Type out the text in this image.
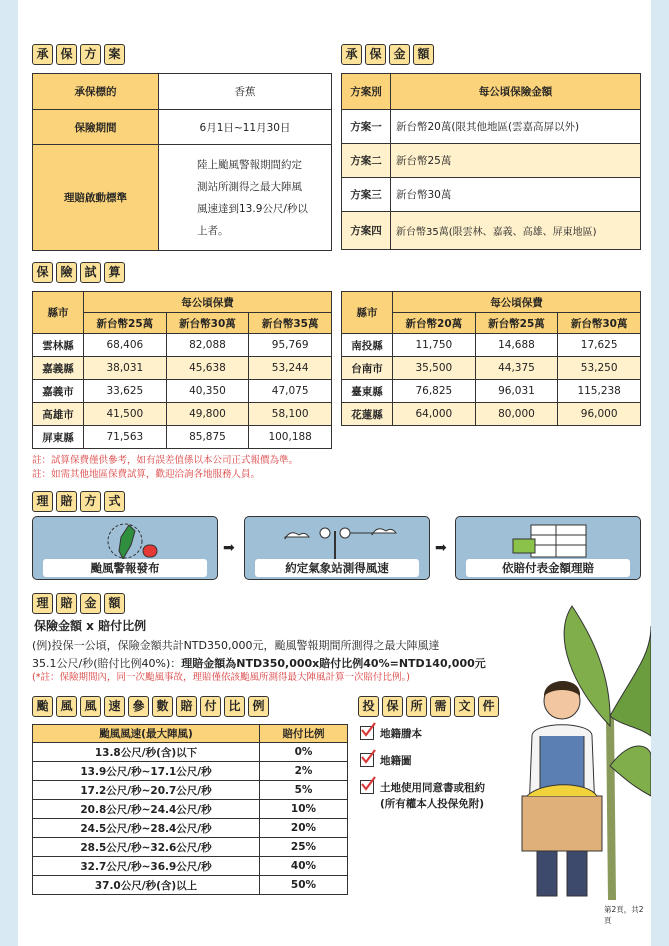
承 保 方 案	承 保 金 額
承保標的	香蕉
保險期間	6月1日~11月30日
理賠啟動標準	陸上颱風警報期間約定測站所測得之最大陣風風速達到13.9公尺/秒以上者。
方案別	每公頃保險金額
方案一	新台幣20萬(限其他地區(雲嘉高屏以外)
方案二	新台幣25萬
方案三	新台幣30萬
方案四	新台幣35萬(限雲林、嘉義、高雄、屏東地區)
保 險 試 算
縣市	每公頃保費		
	新台幣25萬	新台幣30萬	新台幣35萬
雲林縣	68,406	82,088	95,769
嘉義縣	38,031	45,638	53,244
嘉義市	33,625	40,350	47,075
高雄市	41,500	49,800	58,100
屏東縣	71,563	85,875	100,188
縣市	每公頃保費		
	新台幣20萬	新台幣25萬	新台幣30萬
南投縣	11,750	14,688	17,625
台南市	35,500	44,375	53,250
臺東縣	76,825	96,031	115,238
花蓮縣	64,000	80,000	96,000
註：試算保費僅供參考，如有誤差值係以本公司正式報價為準。
註：如需其他地區保費試算，歡迎洽詢各地服務人員。
理 賠 方 式
颱風警報發布
➡
約定氣象站測得風速
➡
依賠付表金額理賠
理 賠 金 額
保險金額 x 賠付比例
(例)投保一公頃，保險金額共計NTD350,000元，颱風警報期間所測得之最大陣風達
35.1公尺/秒(賠付比例40%)：理賠金額為NTD350,000x賠付比例40%=NTD140,000元
(*註：保險期間內，同一次颱風事故，理賠僅依該颱風所測得最大陣風計算一次賠付比例。)
颱 風 風 速 參 數 賠 付 比 例
颱風風速(最大陣風)	賠付比例
13.8公尺/秒(含)以下	0%
13.9公尺/秒~17.1公尺/秒	2%
17.2公尺/秒~20.7公尺/秒	5%
20.8公尺/秒~24.4公尺/秒	10%
24.5公尺/秒~28.4公尺/秒	20%
28.5公尺/秒~32.6公尺/秒	25%
32.7公尺/秒~36.9公尺/秒	40%
37.0公尺/秒(含)以上	50%
投 保 所 需 文 件
地籍謄本
地籍圖
土地使用同意書或租約
(所有權本人投保免附)
第2頁，共2頁
